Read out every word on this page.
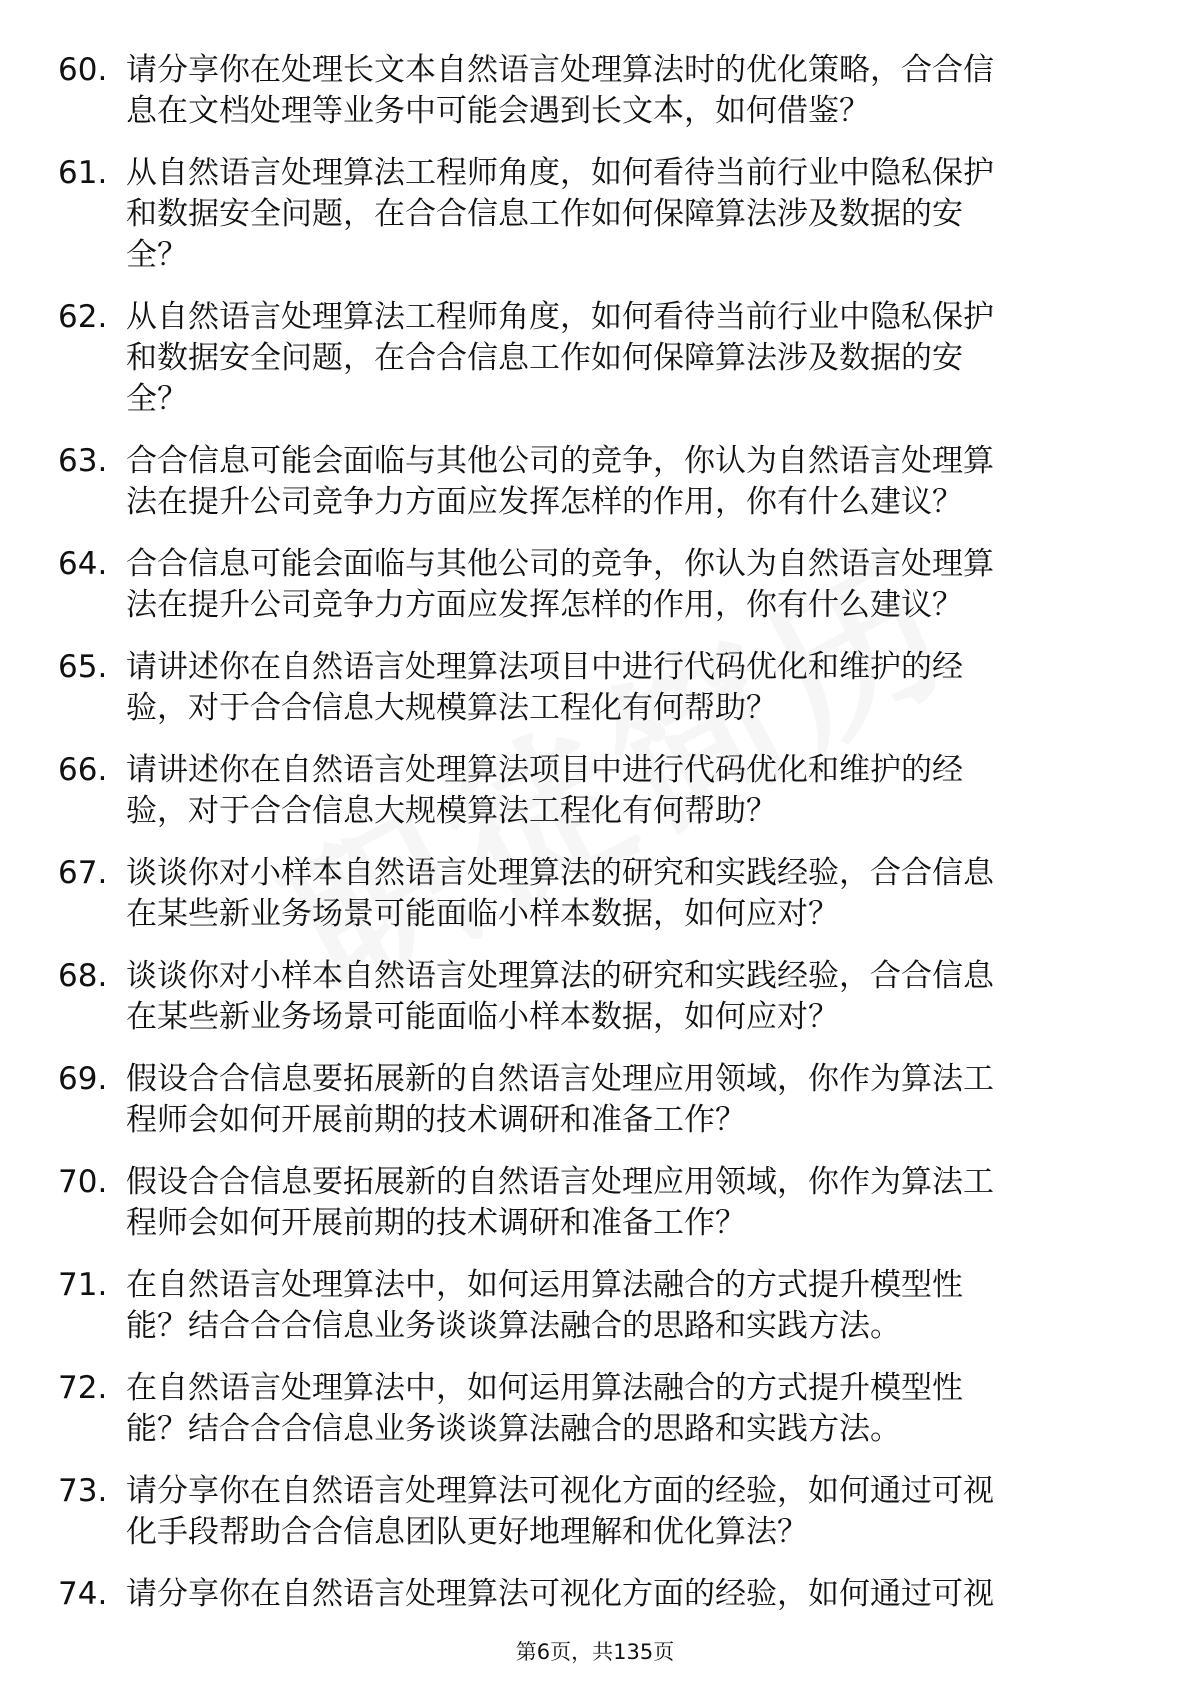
60. 请分享你在处理长文本自然语言处理算法时的优化策略，合合信
息在文档处理等业务中可能会遇到长文本，如何借鉴？
61. 从自然语言处理算法工程师角度，如何看待当前行业中隐私保护
和数据安全问题，在合合信息工作如何保障算法涉及数据的安
全？
62. 从自然语言处理算法工程师角度，如何看待当前行业中隐私保护
和数据安全问题，在合合信息工作如何保障算法涉及数据的安
全？
63. 合合信息可能会面临与其他公司的竞争，你认为自然语言处理算
法在提升公司竞争力方面应发挥怎样的作用，你有什么建议？
64. 合合信息可能会面临与其他公司的竞争，你认为自然语言处理算
法在提升公司竞争力方面应发挥怎样的作用，你有什么建议？
65. 请讲述你在自然语言处理算法项目中进行代码优化和维护的经
验，对于合合信息大规模算法工程化有何帮助？
66. 请讲述你在自然语言处理算法项目中进行代码优化和维护的经
验，对于合合信息大规模算法工程化有何帮助？
67. 谈谈你对小样本自然语言处理算法的研究和实践经验，合合信息
在某些新业务场景可能面临小样本数据，如何应对？
68. 谈谈你对小样本自然语言处理算法的研究和实践经验，合合信息
在某些新业务场景可能面临小样本数据，如何应对？
69. 假设合合信息要拓展新的自然语言处理应用领域，你作为算法工
程师会如何开展前期的技术调研和准备工作？
70. 假设合合信息要拓展新的自然语言处理应用领域，你作为算法工
程师会如何开展前期的技术调研和准备工作？
71. 在自然语言处理算法中，如何运用算法融合的方式提升模型性
能？结合合合信息业务谈谈算法融合的思路和实践方法。
72. 在自然语言处理算法中，如何运用算法融合的方式提升模型性
能？结合合合信息业务谈谈算法融合的思路和实践方法。
73. 请分享你在自然语言处理算法可视化方面的经验，如何通过可视
化手段帮助合合信息团队更好地理解和优化算法？
74. 请分享你在自然语言处理算法可视化方面的经验，如何通过可视
第6页，共135页
